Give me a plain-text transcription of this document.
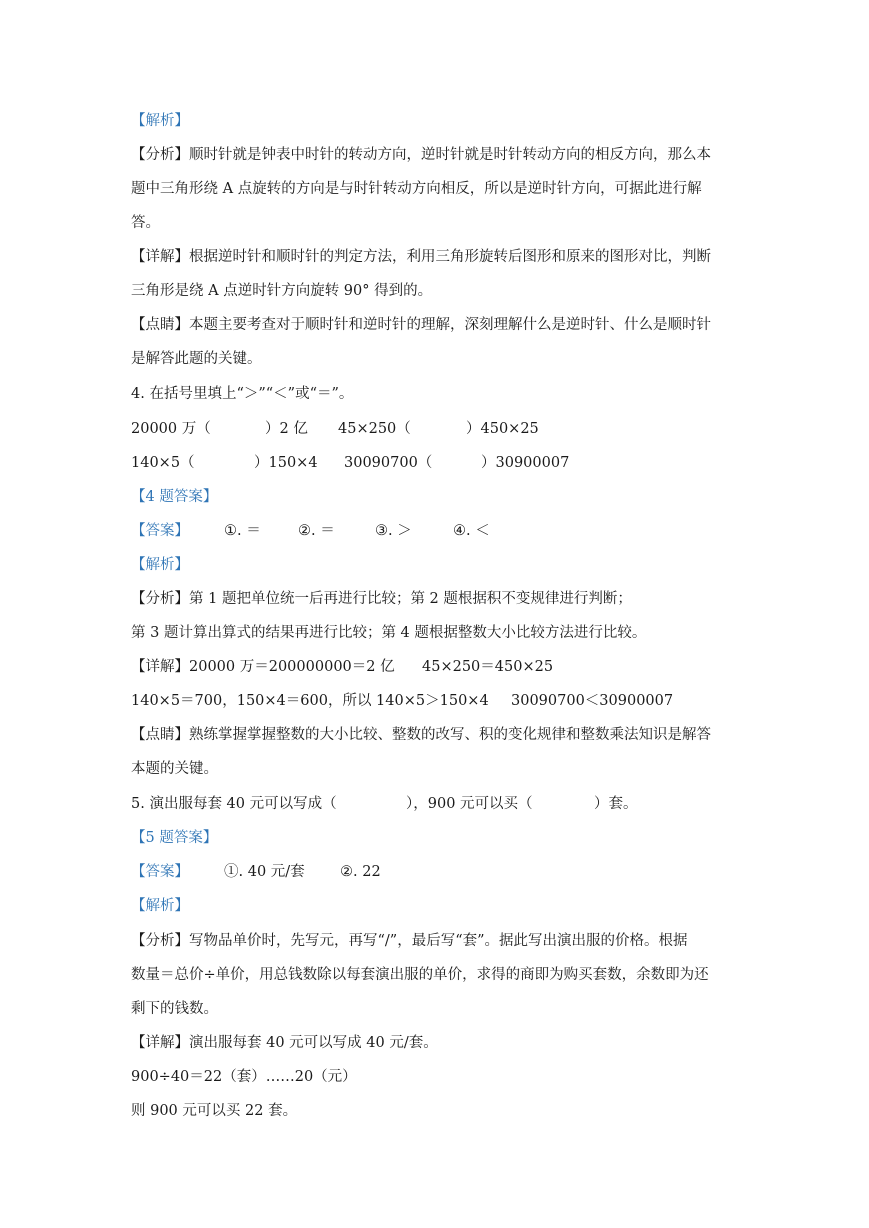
【解析】
【分析】顺时针就是钟表中时针的转动方向，逆时针就是时针转动方向的相反方向，那么本
题中三角形绕 A 点旋转的方向是与时针转动方向相反，所以是逆时针方向，可据此进行解
答。
【详解】根据逆时针和顺时针的判定方法，利用三角形旋转后图形和原来的图形对比，判断
三角形是绕 A 点逆时针方向旋转 90° 得到的。
【点睛】本题主要考查对于顺时针和逆时针的理解，深刻理解什么是逆时针、什么是顺时针
是解答此题的关键。
4. 在括号里填上“＞”“＜”或“＝”。

20000 万（

	）2 亿

45×250（

	）450×25

140×5（

	）150×4

30090700（

	）30900007

【4 题答案】

【答案】

①. ＝

	②. ＝

	③. ＞

	④. ＜

【解析】
【分析】第 1 题把单位统一后再进行比较；第 2 题根据积不变规律进行判断；
第 3 题计算出算式的结果再进行比较；第 4 题根据整数大小比较方法进行比较。

【详解】20000 万＝200000000＝2 亿

45×250＝450×25

140×5＝700，150×4＝600，所以 140×5＞150×4

30090700＜30900007

【点睛】熟练掌握掌握整数的大小比较、整数的改写、积的变化规律和整数乘法知识是解答
本题的关键。

5. 演出服每套 40 元可以写成（

	），900 元可以买（

	）套。

【5 题答案】

【答案】

①. 40 元/套

②. 22

【解析】
【分析】写物品单价时，先写元，再写“/”，最后写“套”。据此写出演出服的价格。根据
数量＝总价÷单价，用总钱数除以每套演出服的单价，求得的商即为购买套数，余数即为还
剩下的钱数。
【详解】演出服每套 40 元可以写成 40 元/套。
900÷40＝22（套）……20（元）
则 900 元可以买 22 套。
